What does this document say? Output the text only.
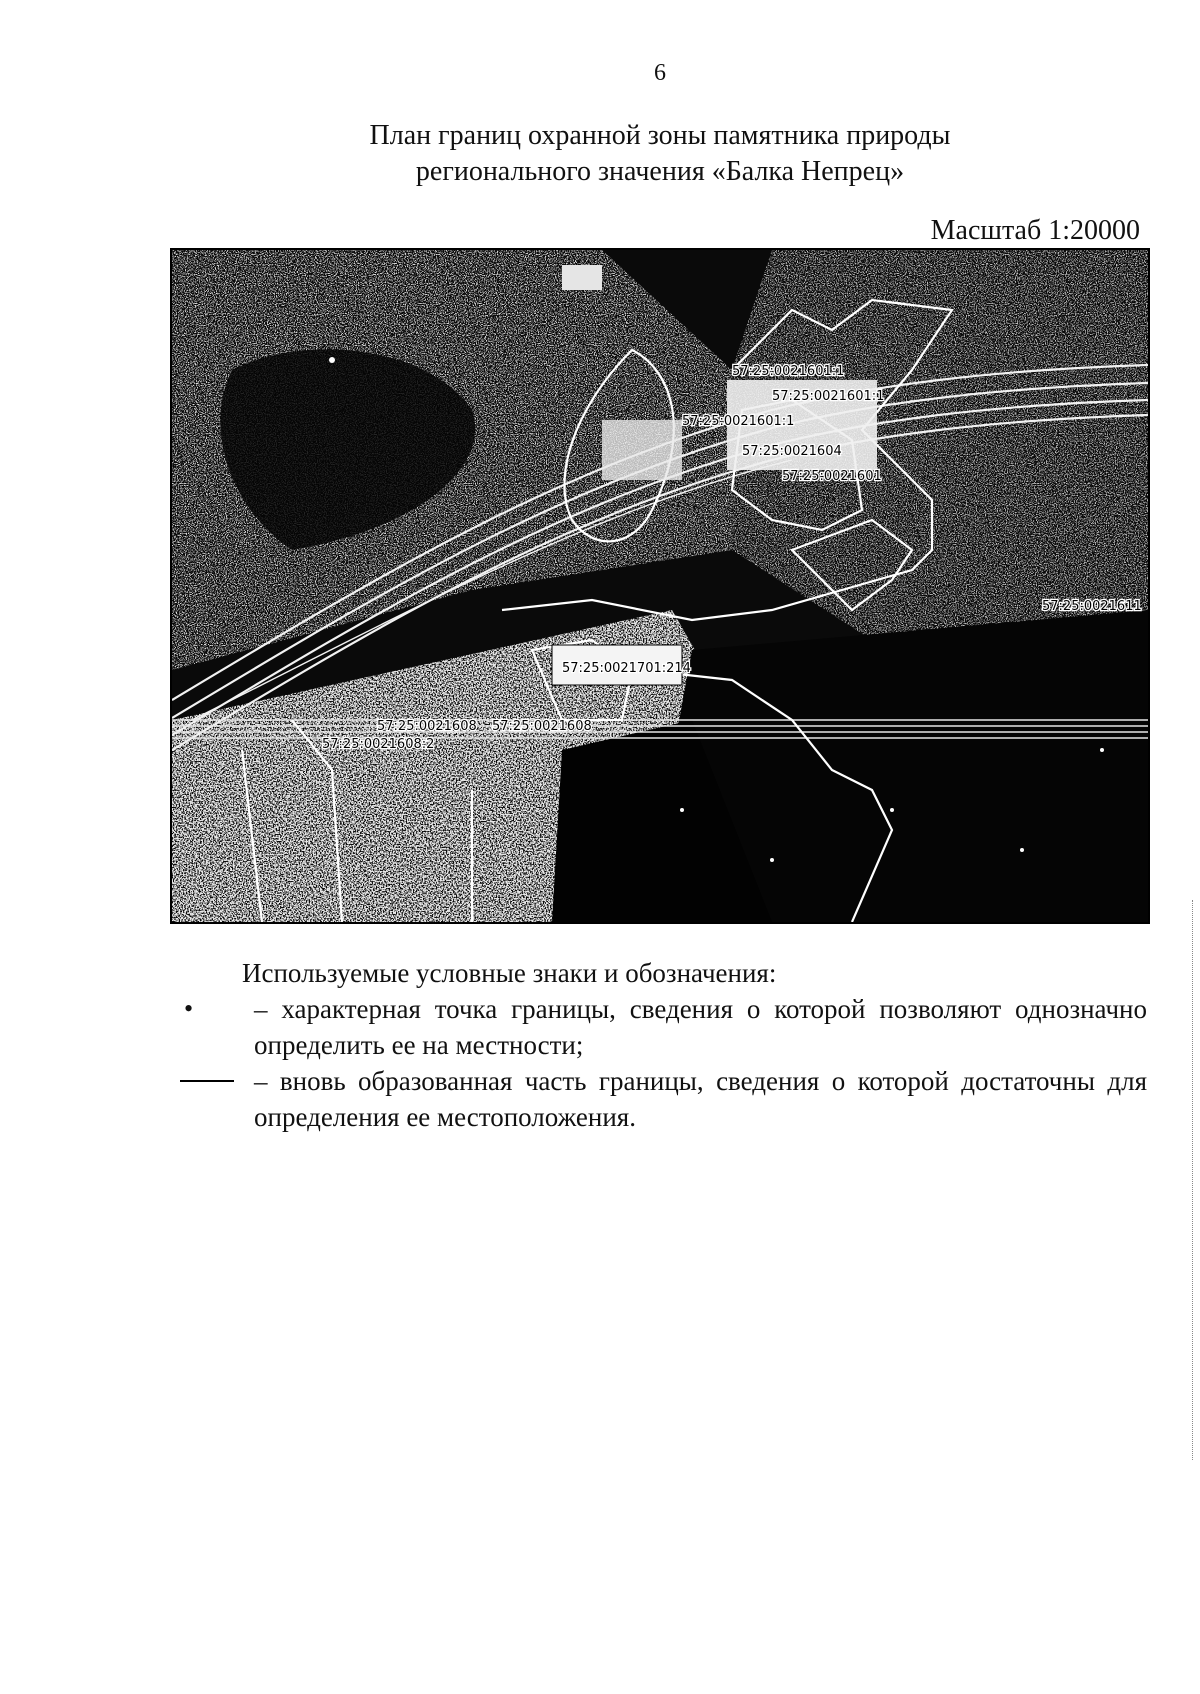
6
План границ охранной зоны памятника природы
регионального значения «Балка Непрец»
Масштаб 1:20000
57:25:0021601:1
57:25:0021601:1
57:25:0021601:1
57:25:0021604
57:25:0021701:214
57:25:0021608 57:25:0021608
57:25:0021608:2
57:25:0021611
57:25:0021601
Используемые условные знаки и обозначения:
• – характерная точка границы, сведения о которой позволяют однозначно определить ее на местности;
– вновь образованная часть границы, сведения о которой достаточны для определения ее местоположения.
